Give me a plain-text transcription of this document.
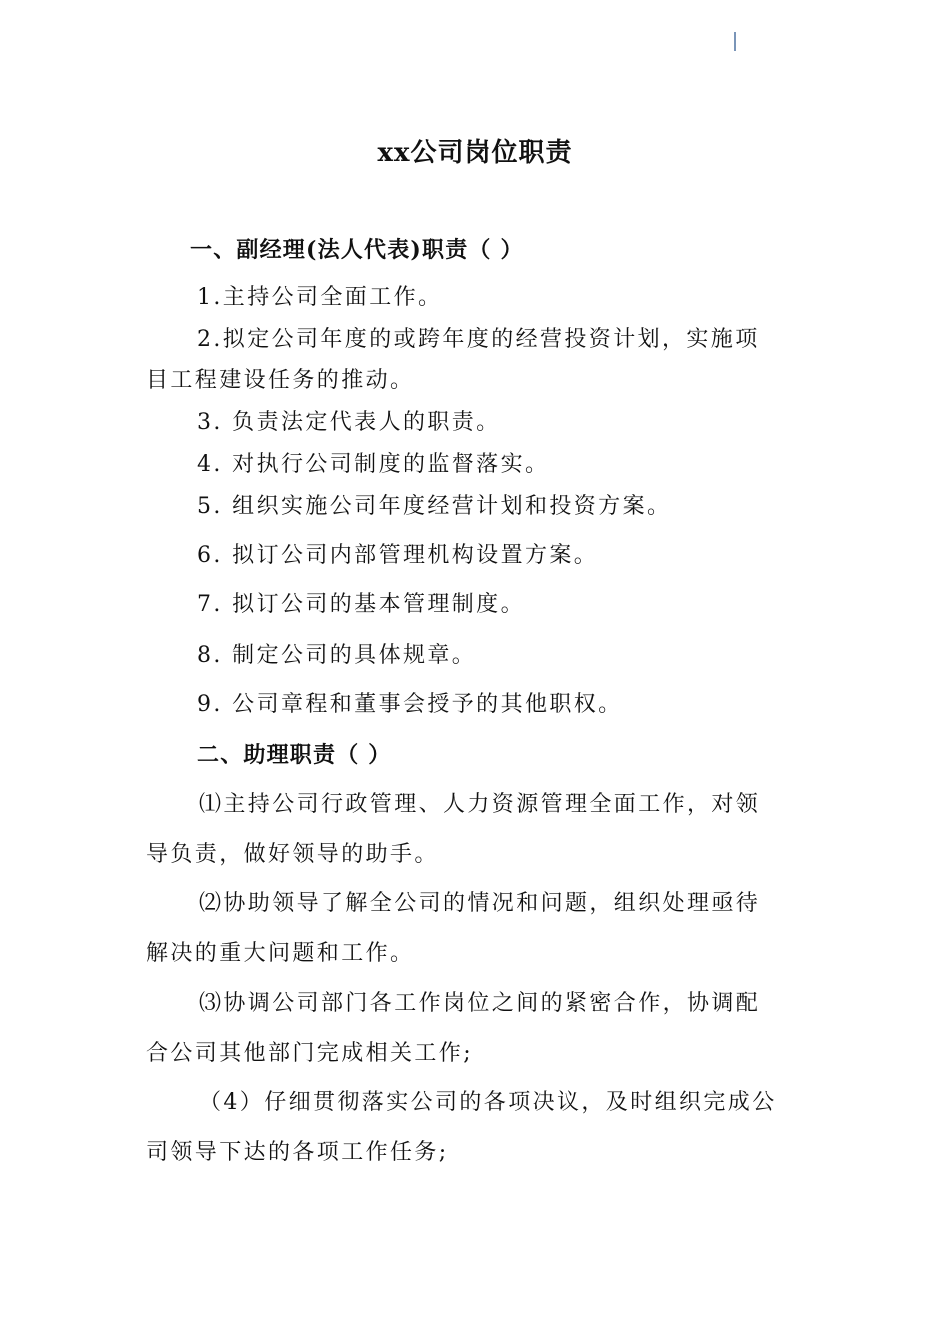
xx公司岗位职责
一、副经理(法人代表)职责（ ）
1.主持公司全面工作。
2.拟定公司年度的或跨年度的经营投资计划，实施项
目工程建设任务的推动。
3. 负责法定代表人的职责。
4. 对执行公司制度的监督落实。
5. 组织实施公司年度经营计划和投资方案。
6. 拟订公司内部管理机构设置方案。
7. 拟订公司的基本管理制度。
8. 制定公司的具体规章。
9. 公司章程和董事会授予的其他职权。
二、助理职责（ ）
⑴主持公司行政管理、人力资源管理全面工作，对领
导负责，做好领导的助手。
⑵协助领导了解全公司的情况和问题，组织处理亟待
解决的重大问题和工作。
⑶协调公司部门各工作岗位之间的紧密合作，协调配
合公司其他部门完成相关工作;
（4）仔细贯彻落实公司的各项决议，及时组织完成公
司领导下达的各项工作任务;
